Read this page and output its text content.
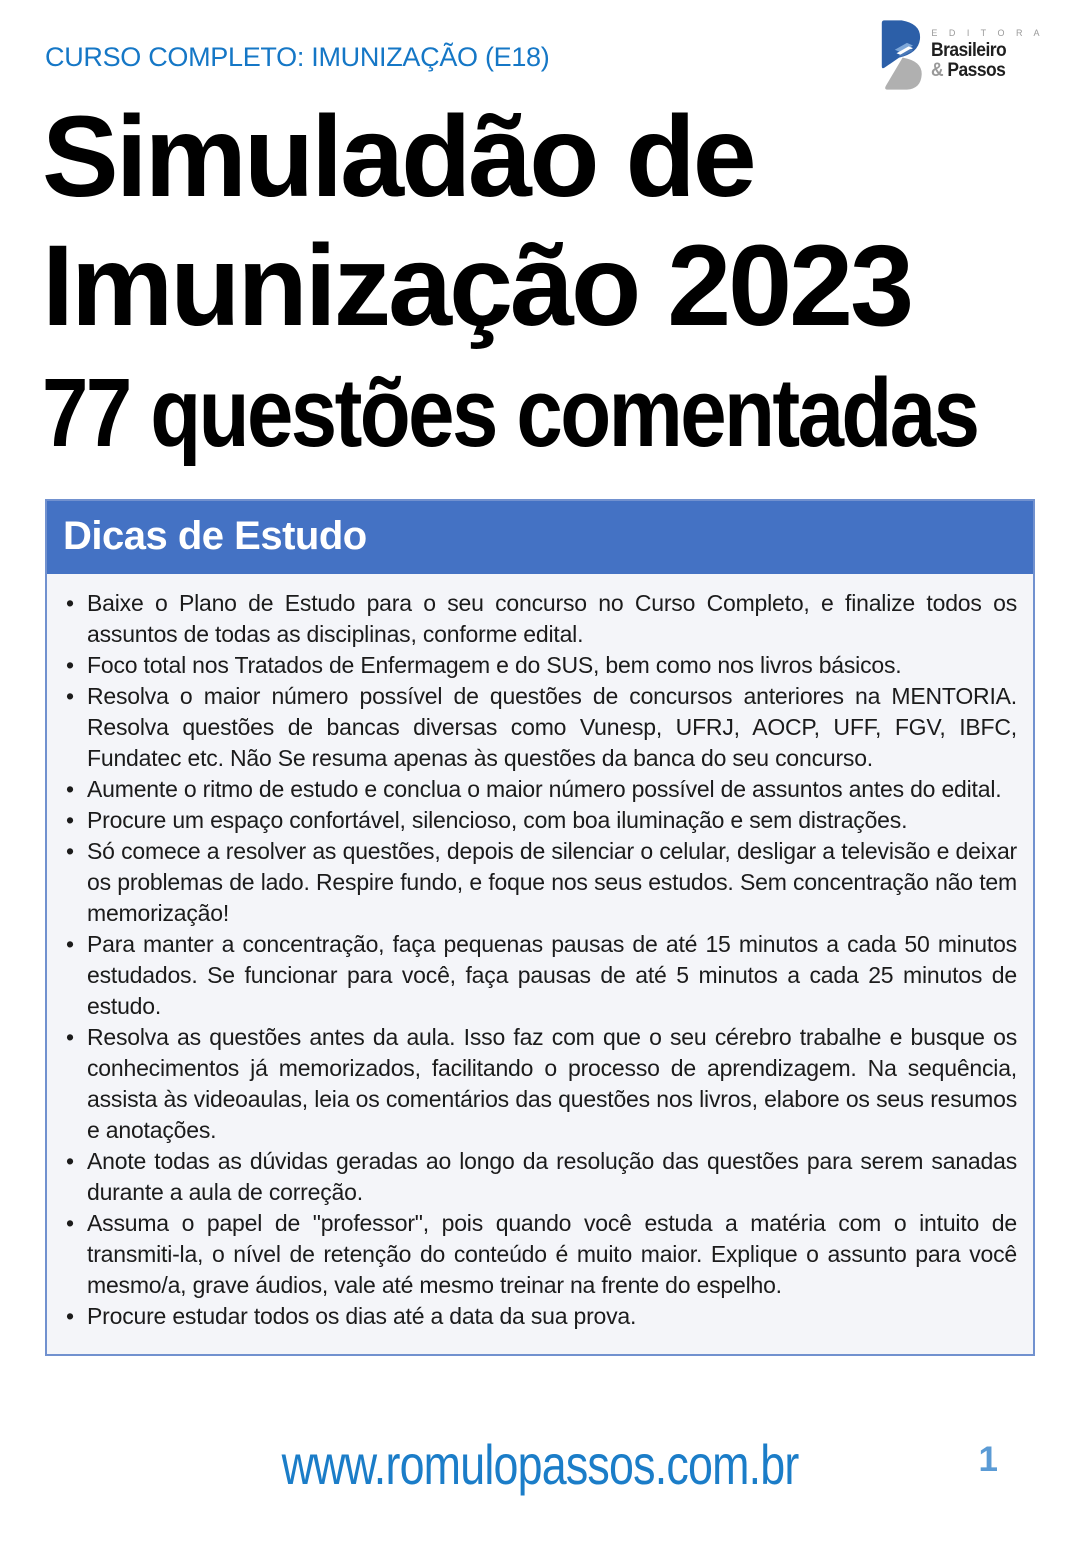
CURSO COMPLETO: IMUNIZAÇÃO (E18)
E D I T O R A
Brasileiro
& Passos
Simuladão de
Imunização 2023
77 questões comentadas
Dicas de Estudo
• Baixe o Plano de Estudo para o seu concurso no Curso Completo, e finalize todos os assuntos de todas as disciplinas, conforme edital.
• Foco total nos Tratados de Enfermagem e do SUS, bem como nos livros básicos.
• Resolva o maior número possível de questões de concursos anteriores na MENTORIA. Resolva questões de bancas diversas como Vunesp, UFRJ, AOCP, UFF, FGV, IBFC, Fundatec etc. Não Se resuma apenas às questões da banca do seu concurso.
• Aumente o ritmo de estudo e conclua o maior número possível de assuntos antes do edital.
• Procure um espaço confortável, silencioso, com boa iluminação e sem distrações.
• Só comece a resolver as questões, depois de silenciar o celular, desligar a televisão e deixar os problemas de lado. Respire fundo, e foque nos seus estudos. Sem concentração não tem memorização!
• Para manter a concentração, faça pequenas pausas de até 15 minutos a cada 50 minutos estudados. Se funcionar para você, faça pausas de até 5 minutos a cada 25 minutos de estudo.
• Resolva as questões antes da aula. Isso faz com que o seu cérebro trabalhe e busque os conhecimentos já memorizados, facilitando o processo de aprendizagem. Na sequência, assista às videoaulas, leia os comentários das questões nos livros, elabore os seus resumos e anotações.
• Anote todas as dúvidas geradas ao longo da resolução das questões para serem sanadas durante a aula de correção.
• Assuma o papel de "professor", pois quando você estuda a matéria com o intuito de transmiti-la, o nível de retenção do conteúdo é muito maior. Explique o assunto para você mesmo/a, grave áudios, vale até mesmo treinar na frente do espelho.
• Procure estudar todos os dias até a data da sua prova.
www.romulopassos.com.br	1
